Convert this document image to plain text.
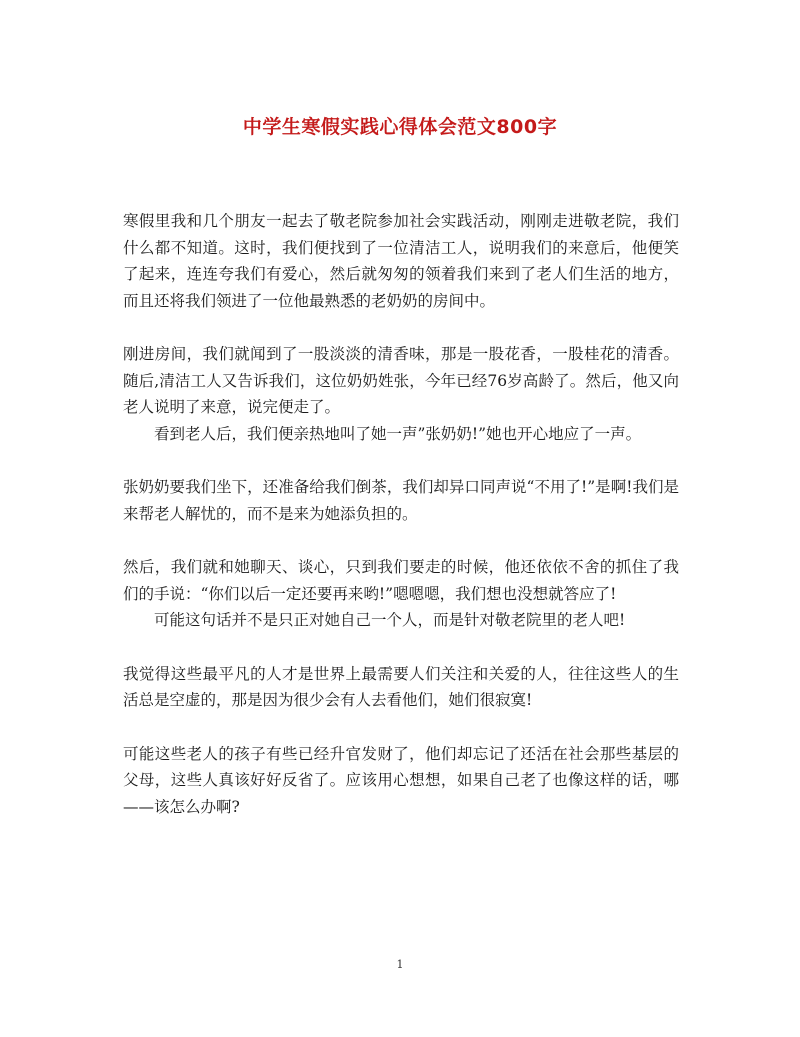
中学生寒假实践心得体会范文800字

寒假里我和几个朋友一起去了敬老院参加社会实践活动，刚刚走进敬老院，我们什么都不知道。这时，我们便找到了一位清洁工人，说明我们的来意后，他便笑了起来，连连夸我们有爱心，然后就匆匆的领着我们来到了老人们生活的地方，而且还将我们领进了一位他最熟悉的老奶奶的房间中。

刚进房间，我们就闻到了一股淡淡的清香味，那是一股花香，一股桂花的清香。随后,清洁工人又告诉我们，这位奶奶姓张，今年已经76岁高龄了。然后，他又向老人说明了来意，说完便走了。

看到老人后，我们便亲热地叫了她一声”张奶奶!”她也开心地应了一声。

张奶奶要我们坐下，还准备给我们倒茶，我们却异口同声说“不用了!”是啊!我们是来帮老人解忧的，而不是来为她添负担的。

然后，我们就和她聊天、谈心，只到我们要走的时候，他还依依不舍的抓住了我们的手说：“你们以后一定还要再来哟!”嗯嗯嗯，我们想也没想就答应了!

可能这句话并不是只正对她自己一个人，而是针对敬老院里的老人吧!

我觉得这些最平凡的人才是世界上最需要人们关注和关爱的人，往往这些人的生活总是空虚的，那是因为很少会有人去看他们，她们很寂寞!

可能这些老人的孩子有些已经升官发财了，他们却忘记了还活在社会那些基层的父母，这些人真该好好反省了。应该用心想想，如果自己老了也像这样的话，哪——该怎么办啊?

1
